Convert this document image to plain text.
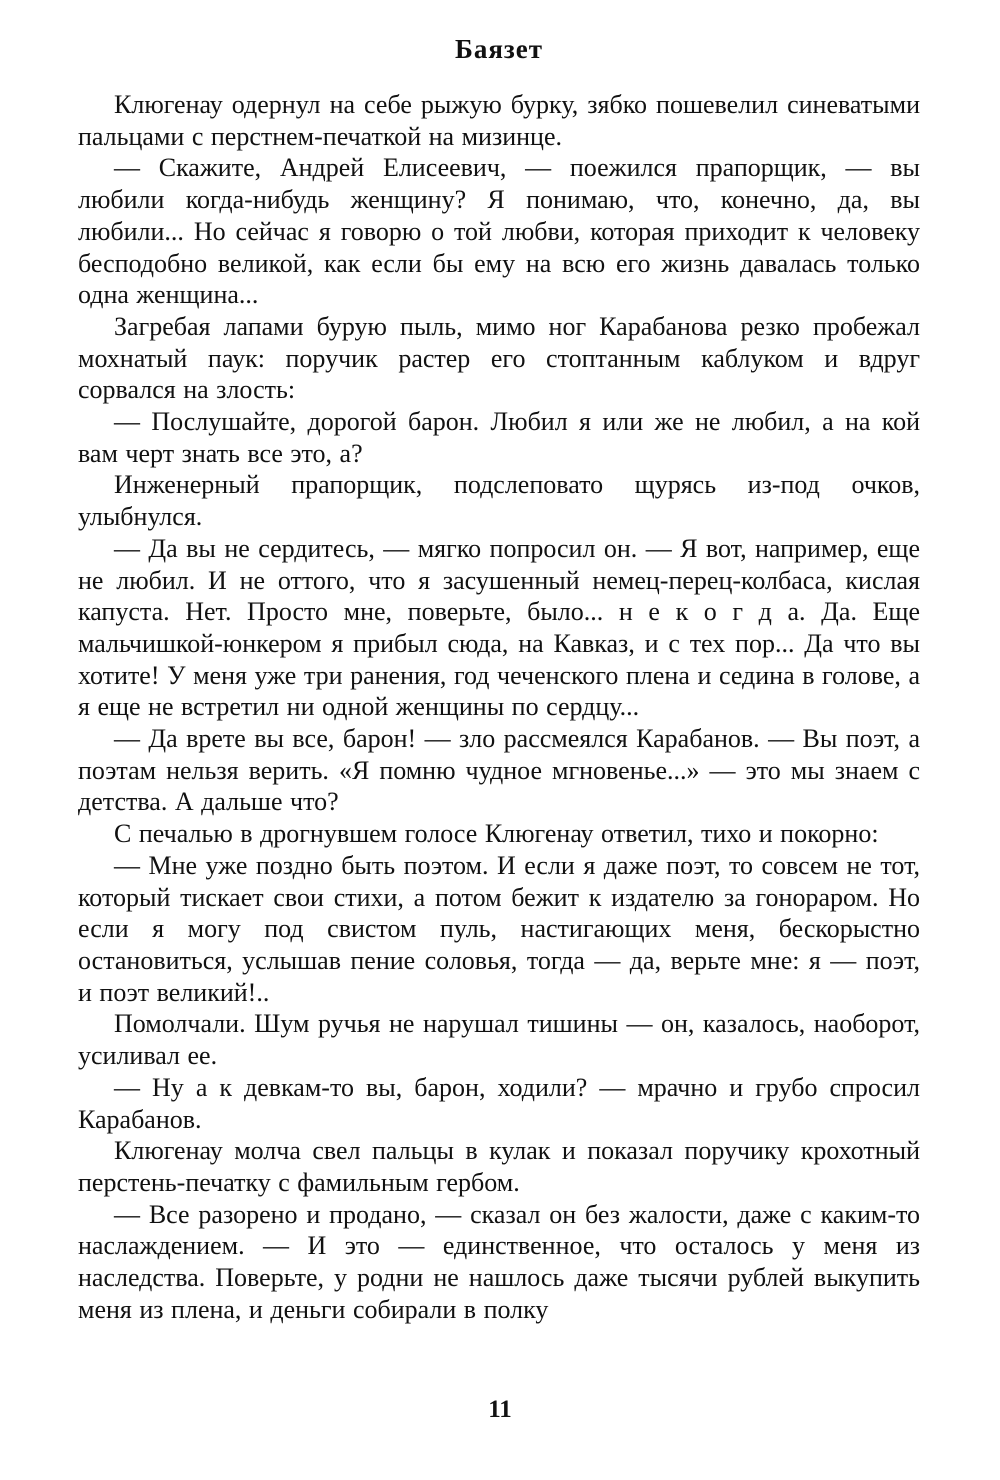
Баязет

Клюгенау одернул на себе рыжую бурку, зябко пошевелил синеватыми пальцами с перстнем-печаткой на мизинце.

— Скажите, Андрей Елисеевич, — поежился прапорщик, — вы любили когда-нибудь женщину? Я понимаю, что, конечно, да, вы любили... Но сейчас я говорю о той любви, которая приходит к человеку бесподобно великой, как если бы ему на всю его жизнь давалась только одна женщина...

Загребая лапами бурую пыль, мимо ног Карабанова резко пробежал мохнатый паук: поручик растер его стоптанным каблуком и вдруг сорвался на злость:

— Послушайте, дорогой барон. Любил я или же не любил, а на кой вам черт знать все это, а?

Инженерный прапорщик, подслеповато щурясь из-под очков, улыбнулся.

— Да вы не сердитесь, — мягко попросил он. — Я вот, например, еще не любил. И не оттого, что я засушенный немец-перец-колбаса, кислая капуста. Нет. Просто мне, поверьте, было... н е к о г д а. Да. Еще мальчишкой-юнкером я прибыл сюда, на Кавказ, и с тех пор... Да что вы хотите! У меня уже три ранения, год чеченского плена и седина в голове, а я еще не встретил ни одной женщины по сердцу...

— Да врете вы все, барон! — зло рассмеялся Карабанов. — Вы поэт, а поэтам нельзя верить. «Я помню чудное мгновенье...» — это мы знаем с детства. А дальше что?

С печалью в дрогнувшем голосе Клюгенау ответил, тихо и покорно:

— Мне уже поздно быть поэтом. И если я даже поэт, то совсем не тот, который тискает свои стихи, а потом бежит к издателю за гонораром. Но если я могу под свистом пуль, настигающих меня, бескорыстно остановиться, услышав пение соловья, тогда — да, верьте мне: я — поэт, и поэт великий!..

Помолчали. Шум ручья не нарушал тишины — он, казалось, наоборот, усиливал ее.

— Ну а к девкам-то вы, барон, ходили? — мрачно и грубо спросил Карабанов.

Клюгенау молча свел пальцы в кулак и показал поручику крохотный перстень-печатку с фамильным гербом.

— Все разорено и продано, — сказал он без жалости, даже с каким-то наслаждением. — И это — единственное, что осталось у меня из наследства. Поверьте, у родни не нашлось даже тысячи рублей выкупить меня из плена, и деньги собирали в полку

11
